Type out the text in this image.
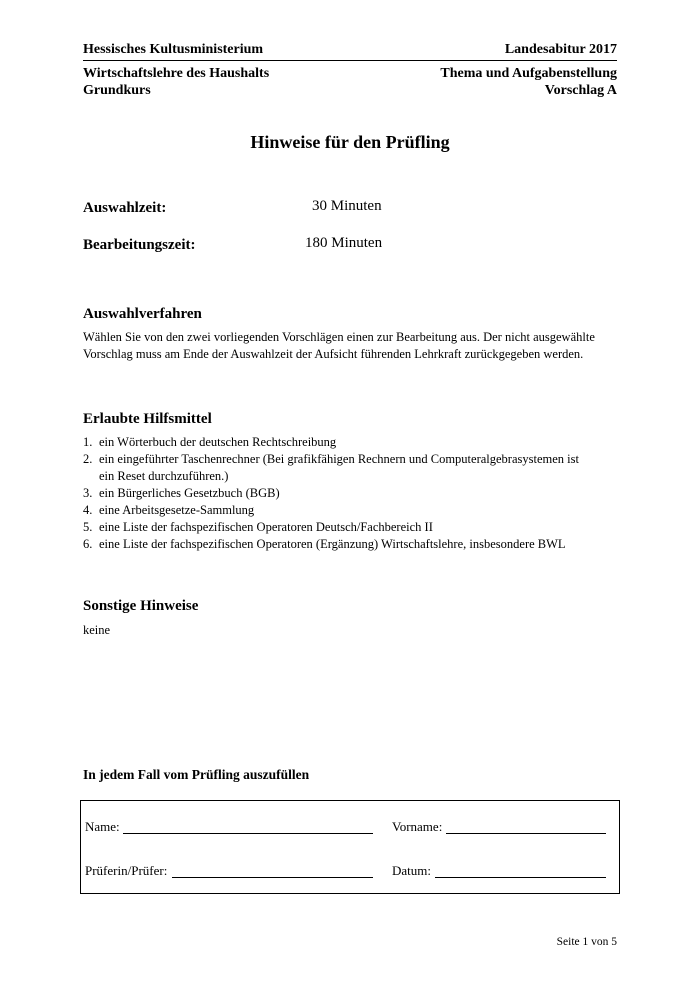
Hessisches Kultusministerium	Landesabitur 2017
Wirtschaftslehre des Haushalts	Thema und Aufgabenstellung
Grundkurs	Vorschlag A
Hinweise für den Prüfling
Auswahlzeit:	30 Minuten
Bearbeitungszeit:	180 Minuten
Auswahlverfahren
Wählen Sie von den zwei vorliegenden Vorschlägen einen zur Bearbeitung aus. Der nicht ausgewählte
Vorschlag muss am Ende der Auswahlzeit der Aufsicht führenden Lehrkraft zurückgegeben werden.
Erlaubte Hilfsmittel
1. ein Wörterbuch der deutschen Rechtschreibung
2. ein eingeführter Taschenrechner (Bei grafikfähigen Rechnern und Computeralgebrasystemen ist
ein Reset durchzuführen.)
3. ein Bürgerliches Gesetzbuch (BGB)
4. eine Arbeitsgesetze-Sammlung
5. eine Liste der fachspezifischen Operatoren Deutsch/Fachbereich II
6. eine Liste der fachspezifischen Operatoren (Ergänzung) Wirtschaftslehre, insbesondere BWL
Sonstige Hinweise
keine
In jedem Fall vom Prüfling auszufüllen
Name:	Vorname:
Prüferin/Prüfer:	Datum:
Seite 1 von 5
